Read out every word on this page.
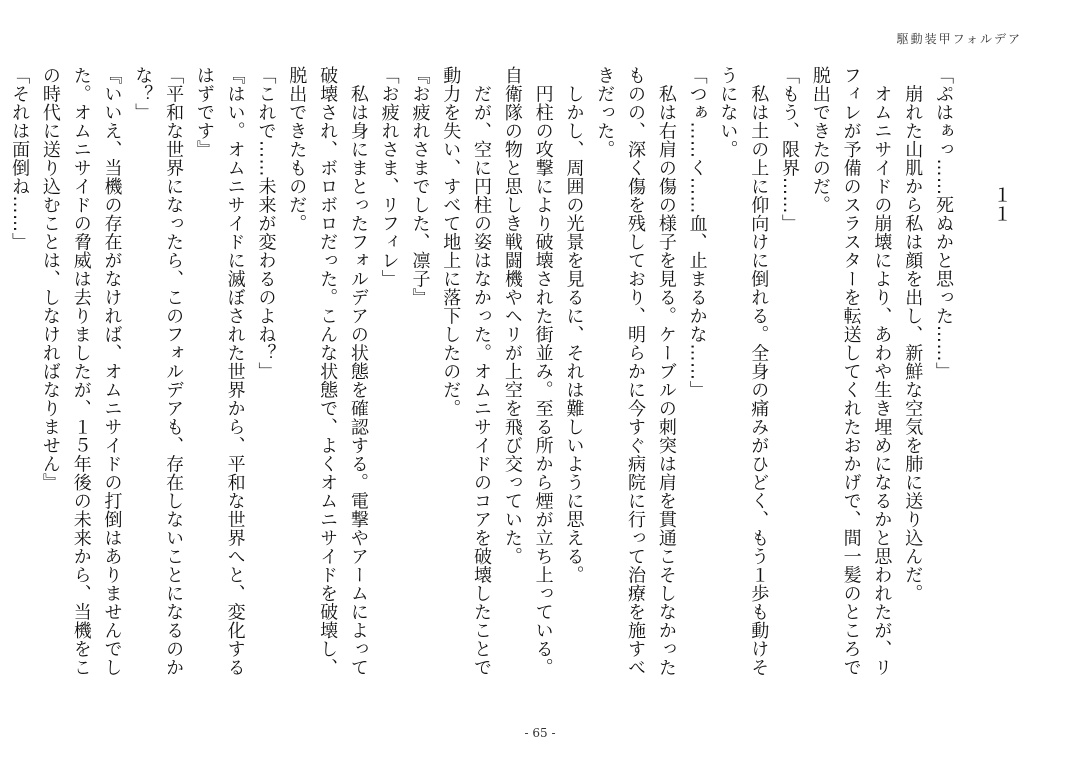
駆動装甲フォルデア
１１
「ぷはぁっ……死ぬかと思った……」
　崩れた山肌から私は顔を出し、新鮮な空気を肺に送り込んだ。
　オムニサイドの崩壊により、あわや生き埋めになるかと思われたが、リ
フィレが予備のスラスターを転送してくれたおかげで、間一髪のところで
脱出できたのだ。
「もう、限界……」
　私は土の上に仰向けに倒れる。全身の痛みがひどく、もう１歩も動けそ
うにない。
「つぁ……く……血、止まるかな……」
　私は右肩の傷の様子を見る。ケーブルの刺突は肩を貫通こそしなかった
ものの、深く傷を残しており、明らかに今すぐ病院に行って治療を施すべ
きだった。
　しかし、周囲の光景を見るに、それは難しいように思える。
　円柱の攻撃により破壊された街並み。至る所から煙が立ち上っている。
自衛隊の物と思しき戦闘機やヘリが上空を飛び交っていた。
　だが、空に円柱の姿はなかった。オムニサイドのコアを破壊したことで
動力を失い、すべて地上に落下したのだ。
『お疲れさまでした、凛子』
「お疲れさま、リフィレ」
　私は身にまとったフォルデアの状態を確認する。電撃やアームによって
破壊され、ボロボロだった。こんな状態で、よくオムニサイドを破壊し、
脱出できたものだ。
「これで……未来が変わるのよね？」
『はい。オムニサイドに滅ぼされた世界から、平和な世界へと、変化する
はずです』
「平和な世界になったら、このフォルデアも、存在しないことになるのか
な？」
『いいえ、当機の存在がなければ、オムニサイドの打倒はありませんでし
た。オムニサイドの脅威は去りましたが、１５年後の未来から、当機をこ
の時代に送り込むことは、しなければなりません』
「それは面倒ね……」
- 65 -
